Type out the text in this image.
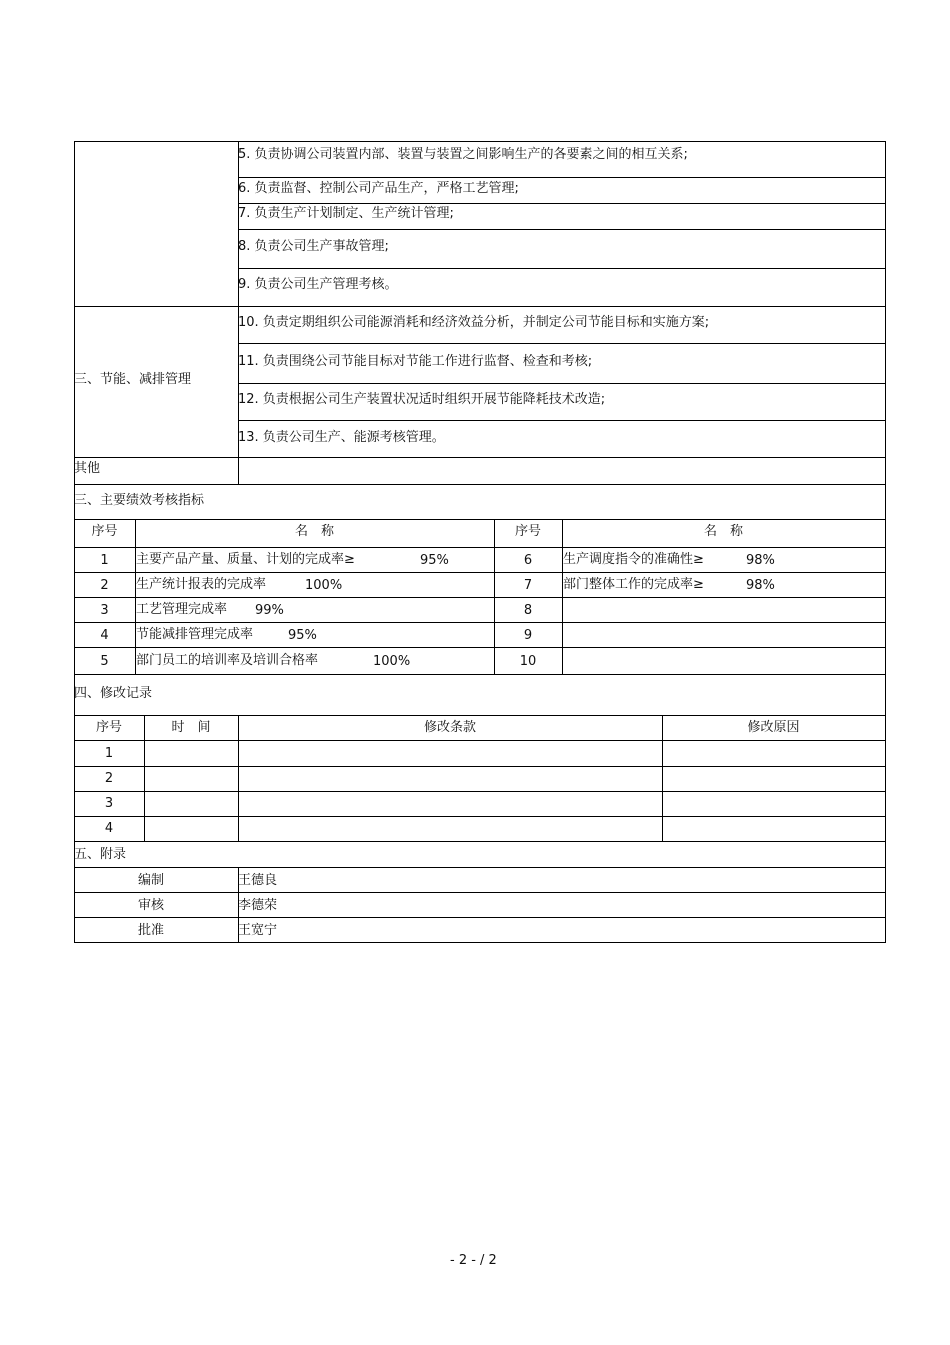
5. 负责协调公司装置内部、装置与装置之间影响生产的各要素之间的相互关系;
6. 负责监督、控制公司产品生产，严格工艺管理;
7. 负责生产计划制定、生产统计管理;
8. 负责公司生产事故管理;
9. 负责公司生产管理考核。
10. 负责定期组织公司能源消耗和经济效益分析，并制定公司节能目标和实施方案;
11. 负责围绕公司节能目标对节能工作进行监督、检查和考核;
12. 负责根据公司生产装置状况适时组织开展节能降耗技术改造;
13. 负责公司生产、能源考核管理。
三、节能、减排管理
其他
三、主要绩效考核指标
序号	名　称	序号	名　称
1	主要产品产量、质量、计划的完成率≥	95%	6	生产调度指令的准确性≥	98%
2	生产统计报表的完成率	100%	7	部门整体工作的完成率≥	98%
3	工艺管理完成率 99%	8
4	节能减排管理完成率	95%	9
5	部门员工的培训率及培训合格率	100%	10
四、修改记录
序号	时　间	修改条款	修改原因
1
2
3
4
五、附录
编制	王德良
审核	李德荣
批准	王宽宁
- 2 - / 2
